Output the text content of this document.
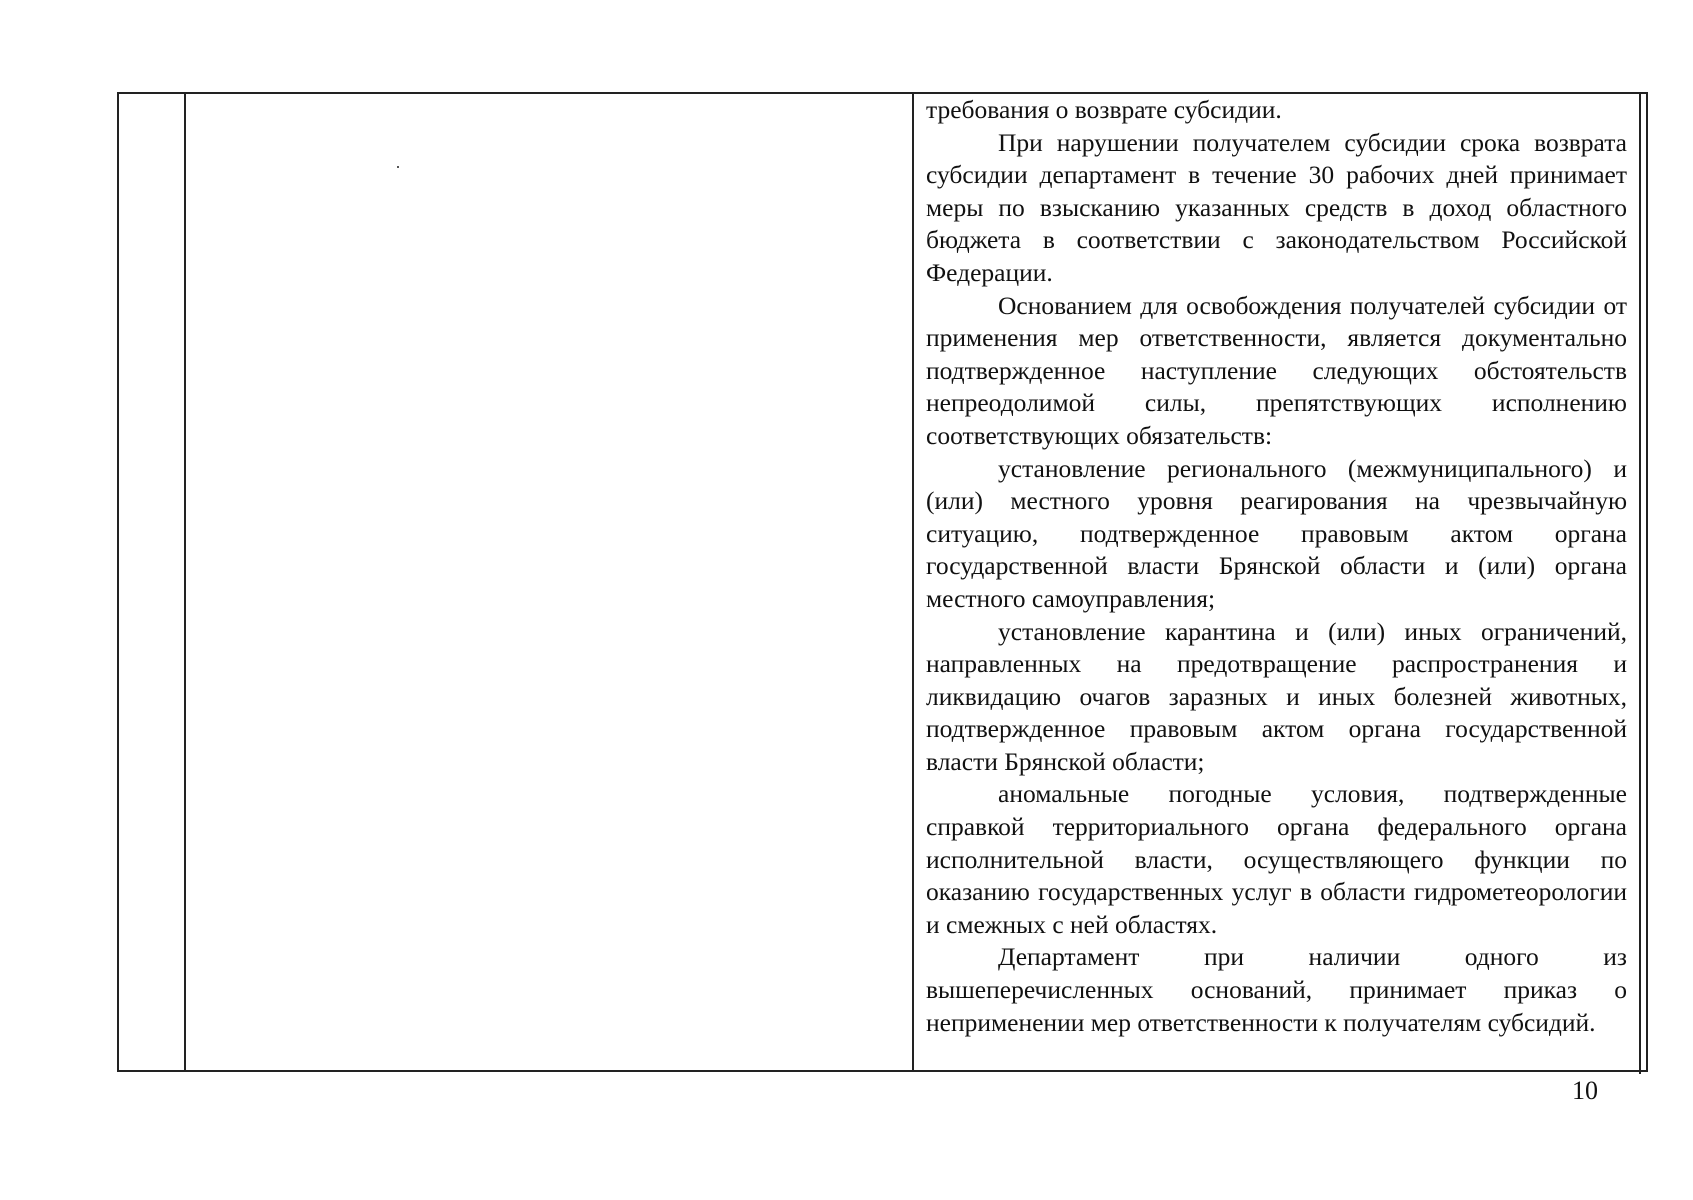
требования о возврате субсидии.

При нарушении получателем субсидии срока возврата субсидии департамент в течение 30 рабочих дней принимает меры по взысканию указанных средств в доход областного бюджета в соответствии с законодательством Российской Федерации.

Основанием для освобождения получателей субсидии от применения мер ответственности, является документально подтвержденное наступление следующих обстоятельств непреодолимой силы, препятствующих исполнению соответствующих обязательств:

установление регионального (межмуниципального) и (или) местного уровня реагирования на чрезвычайную ситуацию, подтвержденное правовым актом органа государственной власти Брянской области и (или) органа местного самоуправления;

установление карантина и (или) иных ограничений, направленных на предотвращение распространения и ликвидацию очагов заразных и иных болезней животных, подтвержденное правовым актом органа государственной власти Брянской области;

аномальные погодные условия, подтвержденные справкой территориального органа федерального органа исполнительной власти, осуществляющего функции по оказанию государственных услуг в области гидрометеорологии и смежных с ней областях.

Департамент при наличии одного из вышеперечисленных оснований, принимает приказ о неприменении мер ответственности к получателям субсидий.

10
